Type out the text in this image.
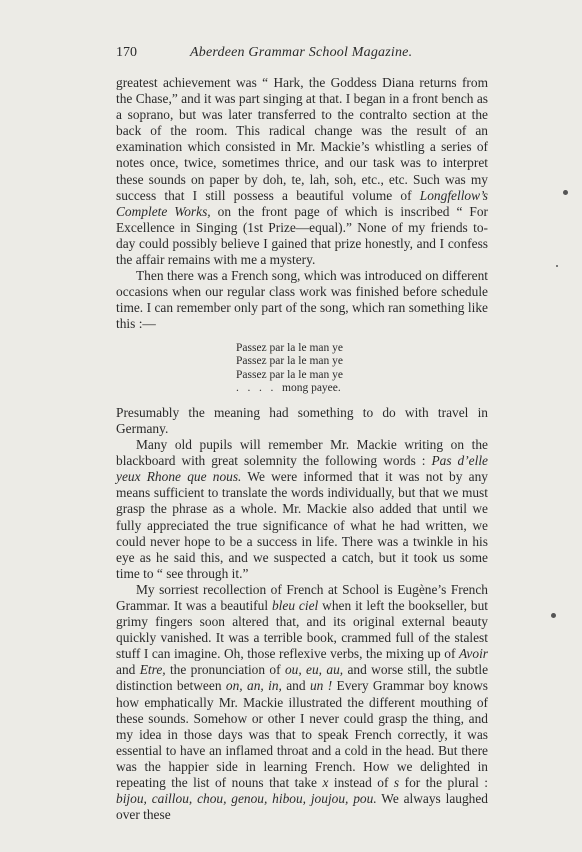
170	Aberdeen Grammar School Magazine.

greatest achievement was “ Hark, the Goddess Diana returns from the Chase,” and it was part singing at that. I began in a front bench as a soprano, but was later transferred to the contralto section at the back of the room. This radical change was the result of an examination which consisted in Mr. Mackie’s whistling a series of notes once, twice, sometimes thrice, and our task was to interpret these sounds on paper by doh, te, lah, soh, etc., etc. Such was my success that I still possess a beautiful volume of Longfellow’s Complete Works, on the front page of which is inscribed “ For Excellence in Singing (1st Prize—equal).” None of my friends to-day could possibly believe I gained that prize honestly, and I confess the affair remains with me a mystery.

Then there was a French song, which was introduced on different occasions when our regular class work was finished before schedule time. I can remember only part of the song, which ran something like this :—

Passez par la le man ye
Passez par la le man ye
Passez par la le man ye
.   .   .   .   mong payee.

Presumably the meaning had something to do with travel in Germany.

Many old pupils will remember Mr. Mackie writing on the blackboard with great solemnity the following words : Pas d’elle yeux Rhone que nous. We were informed that it was not by any means sufficient to translate the words individually, but that we must grasp the phrase as a whole. Mr. Mackie also added that until we fully appreciated the true significance of what he had written, we could never hope to be a success in life. There was a twinkle in his eye as he said this, and we suspected a catch, but it took us some time to “ see through it.”

My sorriest recollection of French at School is Eugène’s French Grammar. It was a beautiful bleu ciel when it left the bookseller, but grimy fingers soon altered that, and its original external beauty quickly vanished. It was a terrible book, crammed full of the stalest stuff I can imagine. Oh, those reflexive verbs, the mixing up of Avoir and Etre, the pronunciation of ou, eu, au, and worse still, the subtle distinction between on, an, in, and un ! Every Grammar boy knows how emphatically Mr. Mackie illustrated the different mouthing of these sounds. Somehow or other I never could grasp the thing, and my idea in those days was that to speak French correctly, it was essential to have an inflamed throat and a cold in the head. But there was the happier side in learning French. How we delighted in repeating the list of nouns that take x instead of s for the plural : bijou, caillou, chou, genou, hibou, joujou, pou. We always laughed over these
